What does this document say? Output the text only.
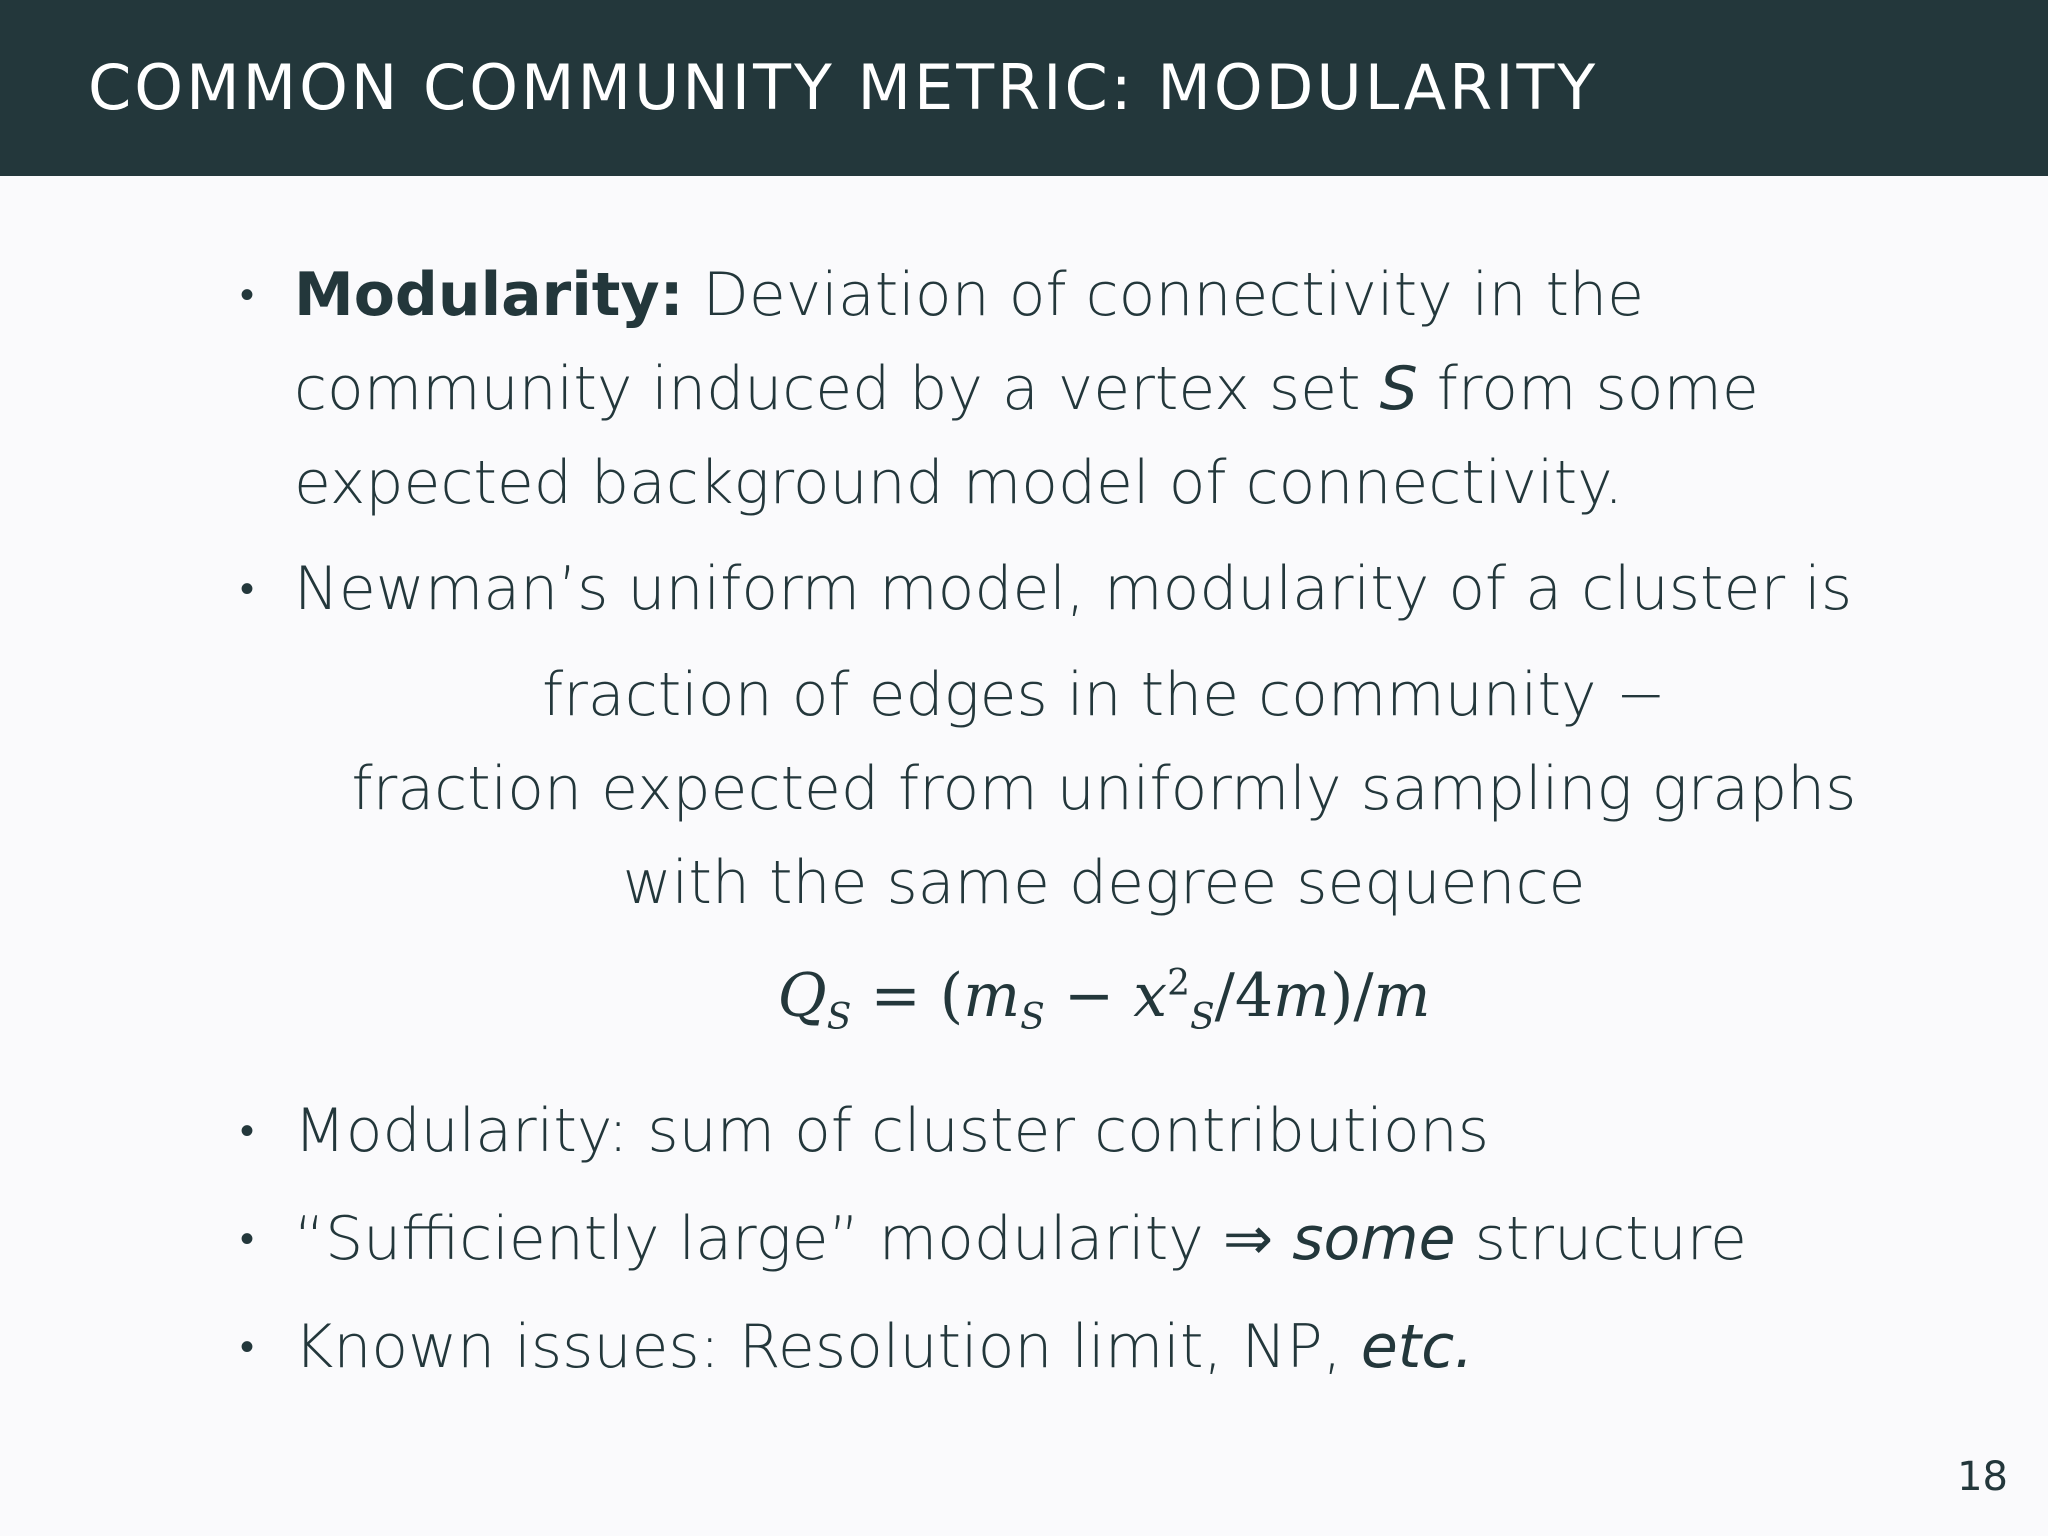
COMMON COMMUNITY METRIC: MODULARITY
• Modularity: Deviation of connectivity in the community induced by a vertex set S from some expected background model of connectivity.
• Newman’s uniform model, modularity of a cluster is
fraction of edges in the community −
fraction expected from uniformly sampling graphs
with the same degree sequence
$Q_S = (m_S - x^2_S/4m)/m$
• Modularity: sum of cluster contributions
• “Sufficiently large” modularity ⇒ some structure
• Known issues: Resolution limit, NP, etc.
18
